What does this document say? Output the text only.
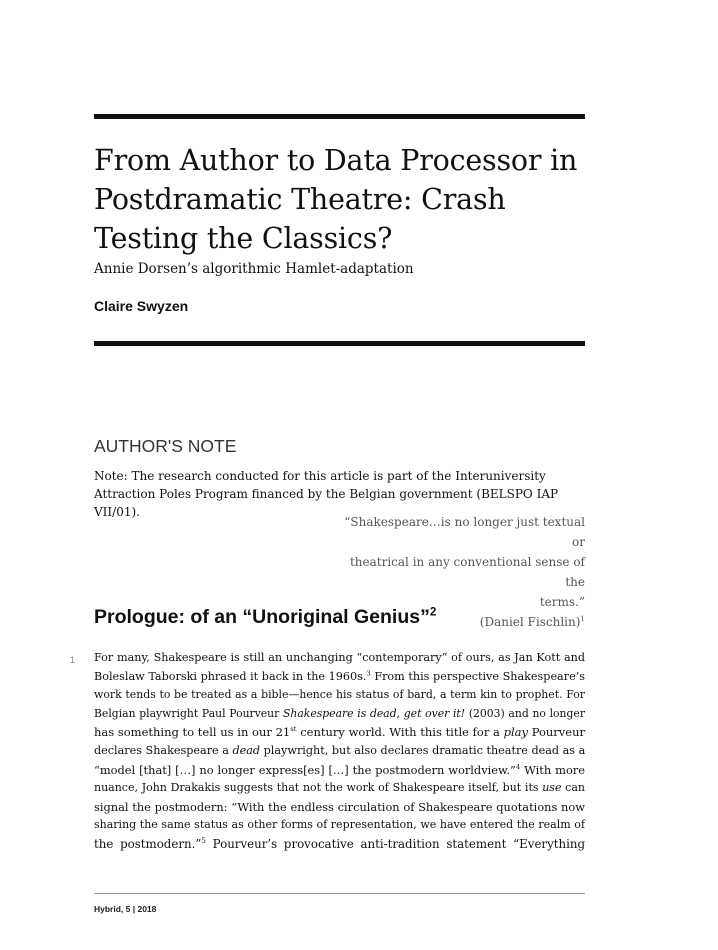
From Author to Data Processor in Postdramatic Theatre: Crash Testing the Classics?
Annie Dorsen’s algorithmic Hamlet-adaptation
Claire Swyzen
AUTHOR'S NOTE
Note: The research conducted for this article is part of the Interuniversity Attraction Poles Program financed by the Belgian government (BELSPO IAP VII/01).
“Shakespeare…is no longer just textual or
theatrical in any conventional sense of the
terms.”
(Daniel Fischlin)$^1$
Prologue: of an “Unoriginal Genius”$^2$
1 For many, Shakespeare is still an unchanging “contemporary” of ours, as Jan Kott and
Boleslaw Taborski phrased it back in the 1960s.$^3$ From this perspective Shakespeare’s
work tends to be treated as a bible—hence his status of bard, a term kin to prophet. For
Belgian playwright Paul Pourveur Shakespeare is dead, get over it! (2003) and no longer
has something to tell us in our 21st century world. With this title for a play Pourveur
declares Shakespeare a dead playwright, but also declares dramatic theatre dead as a
“model [that] […] no longer express[es] […] the postmodern worldview.”$^4$ With more
nuance, John Drakakis suggests that not the work of Shakespeare itself, but its use can
signal the postmodern: “With the endless circulation of Shakespeare quotations now
sharing the same status as other forms of representation, we have entered the realm of
the postmodern.”$^5$ Pourveur’s provocative anti-tradition statement “Everything
Hybrid, 5 | 2018
